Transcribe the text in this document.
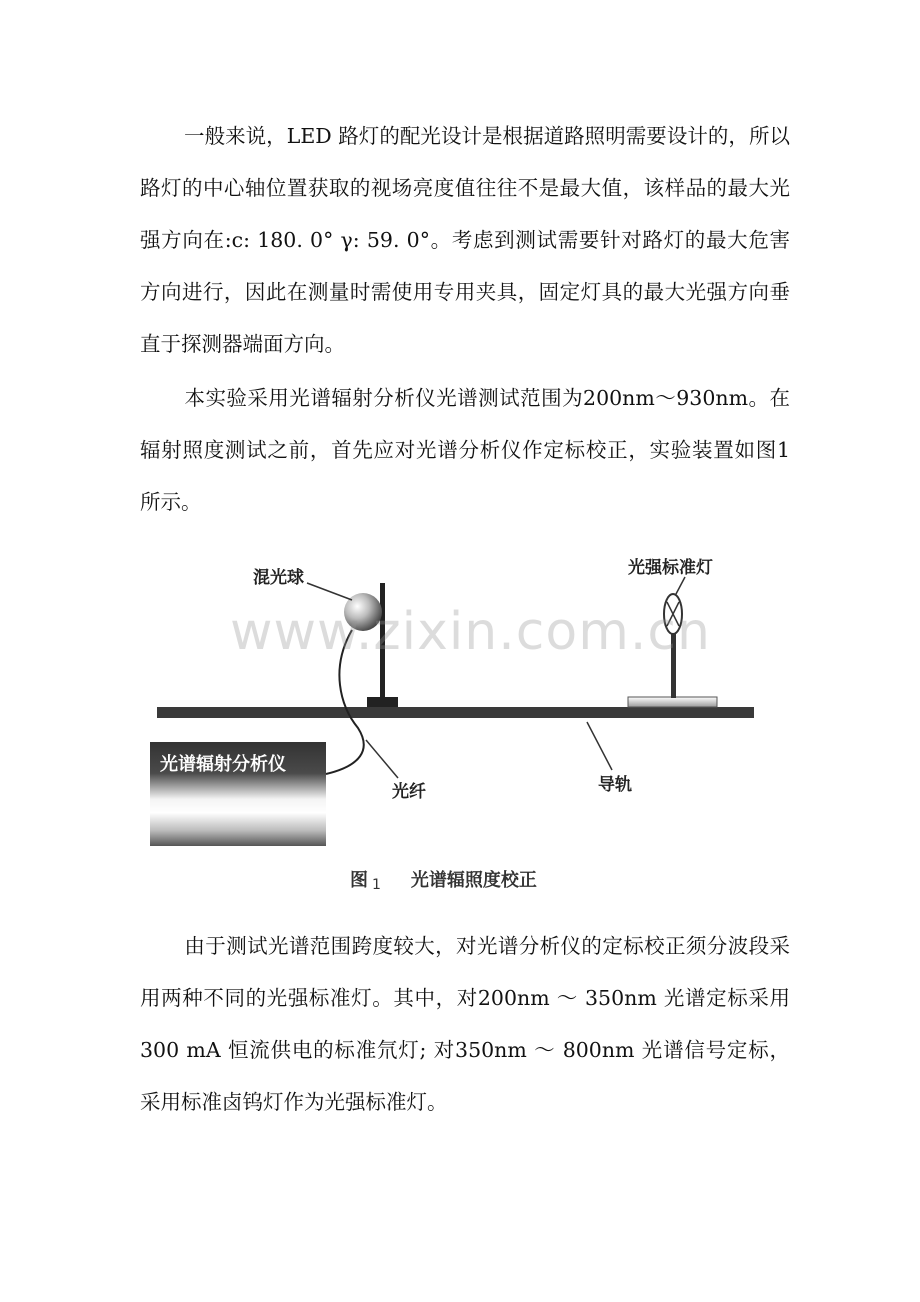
一般来说，LED 路灯的配光设计是根据道路照明需要设计的，所以路灯的中心轴位置获取的视场亮度值往往不是最大值，该样品的最大光强方向在:c: 180. 0° γ: 59. 0°。考虑到测试需要针对路灯的最大危害方向进行，因此在测量时需使用专用夹具，固定灯具的最大光强方向垂直于探测器端面方向。

本实验采用光谱辐射分析仪光谱测试范围为200nm～930nm。在辐射照度测试之前，首先应对光谱分析仪作定标校正，实验装置如图1 所示。

混光球	光强标准灯
光谱辐射分析仪
光纤	导轨
www.zixin.com.cn
图 1 光谱辐照度校正

由于测试光谱范围跨度较大，对光谱分析仪的定标校正须分波段采用两种不同的光强标准灯。其中，对200nm ～ 350nm 光谱定标采用300 mA 恒流供电的标准氘灯; 对350nm ～ 800nm 光谱信号定标，采用标准卤钨灯作为光强标准灯。
